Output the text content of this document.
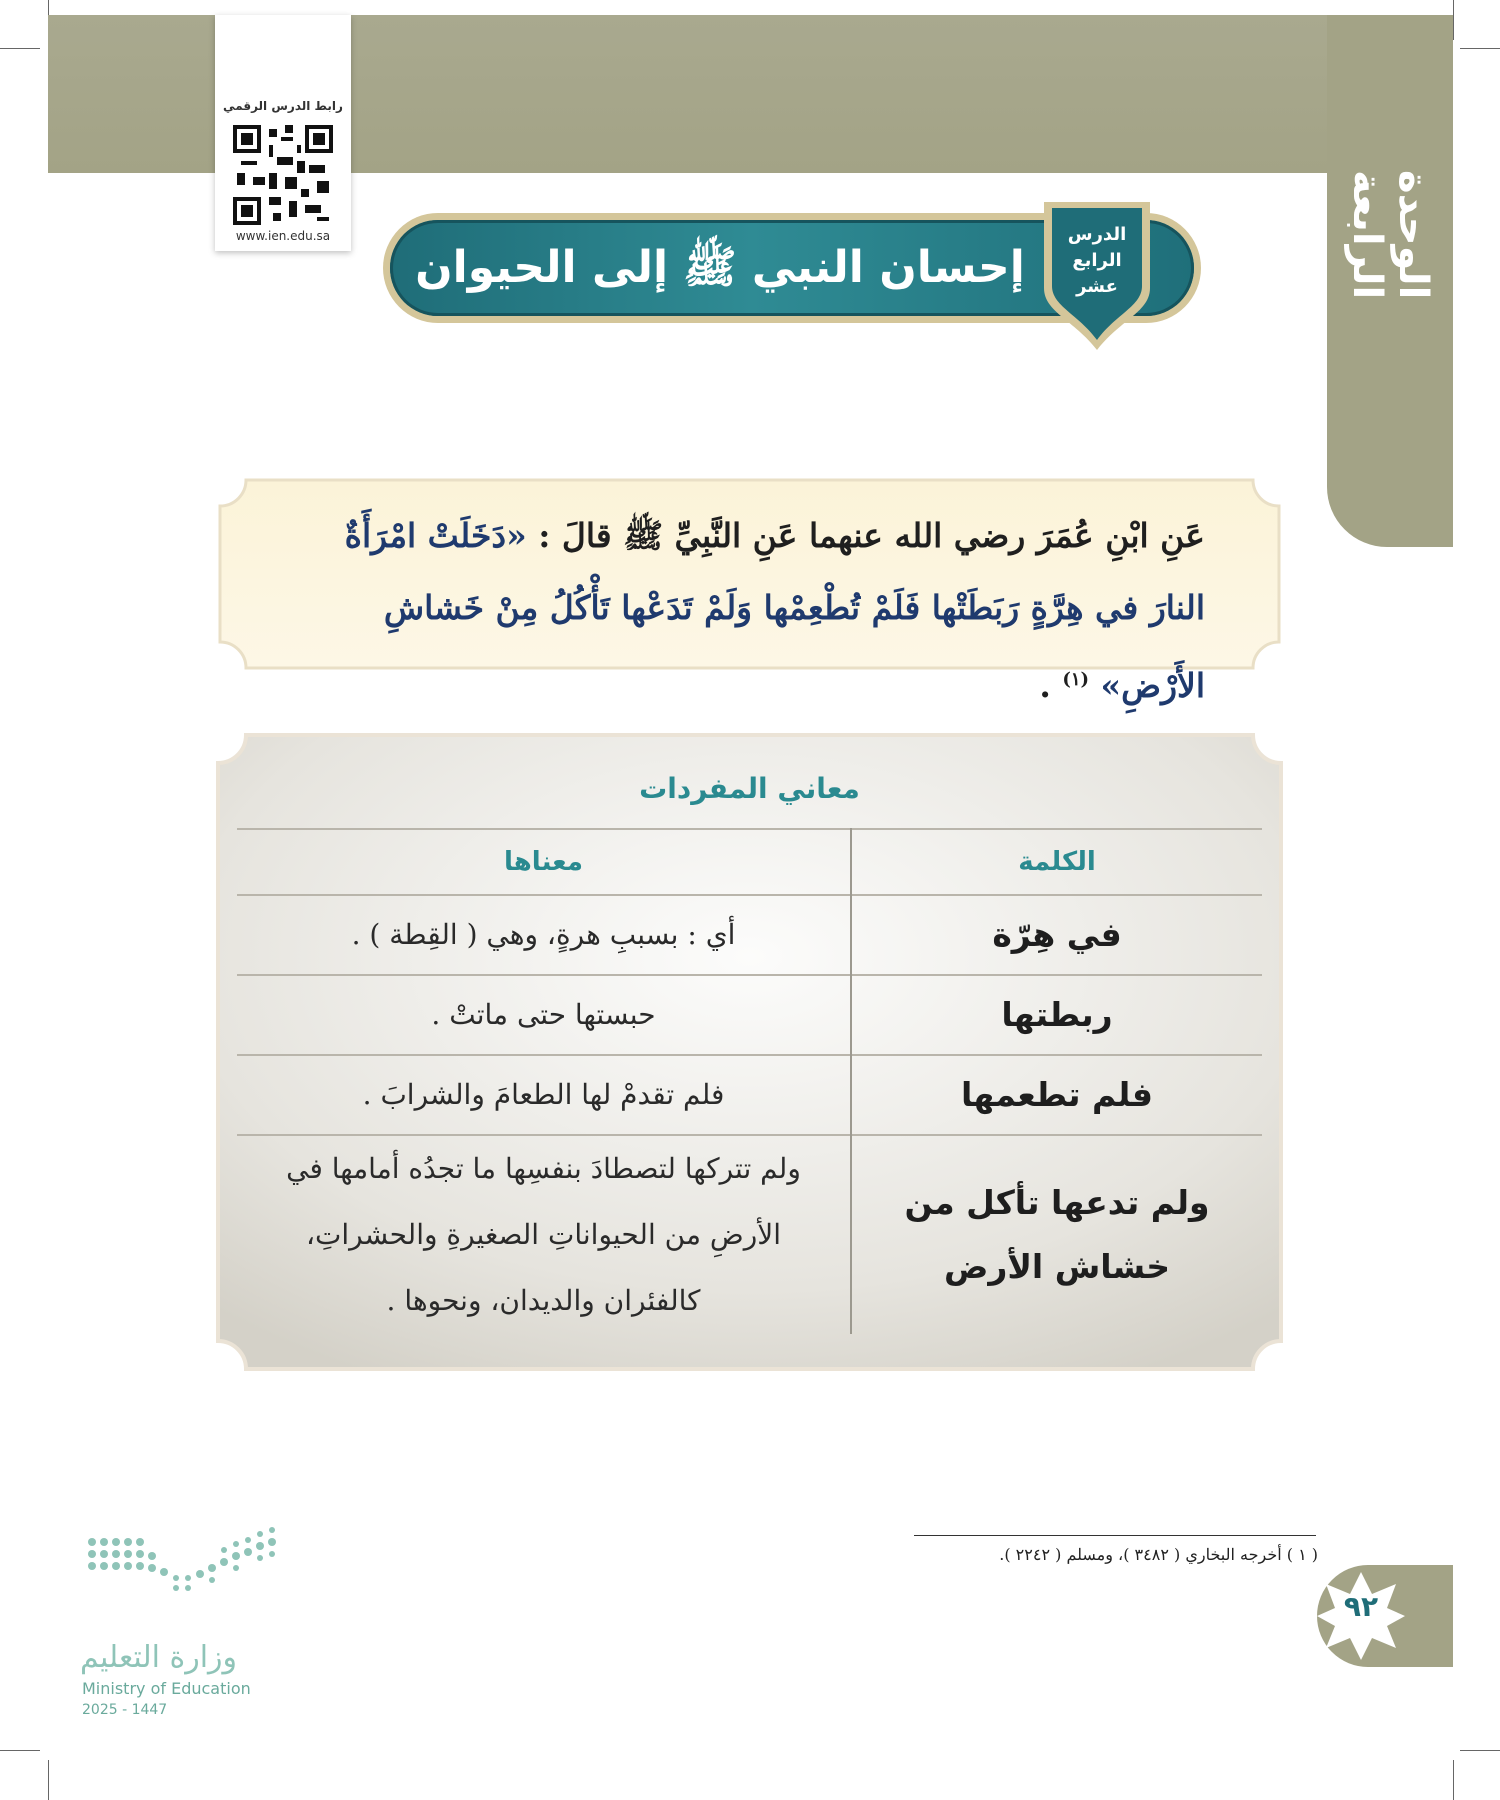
الوحدة الرابعة
رابط الدرس الرقمي
www.ien.edu.sa
إحسان النبي ﷺ إلى الحيوان
الدرس
الرابع
عشر
عَنِ ابْنِ عُمَرَ رضي الله عنهما عَنِ النَّبِيِّ ﷺ قالَ : «دَخَلَتْ امْرَأَةٌ النارَ في هِرَّةٍ رَبَطَتْها فَلَمْ تُطْعِمْها وَلَمْ تَدَعْها تَأْكُلُ مِنْ خَشاشِ الأَرْضِ» $^{(١)}$ .
معاني المفردات
الكلمة	معناها
في هِرّة	أي : بسببِ هرةٍ، وهي ( القِطة ) .
ربطتها	حبستها حتى ماتتْ .
فلم تطعمها	فلم تقدمْ لها الطعامَ والشرابَ .
ولم تدعها تأكل من خشاش الأرض	ولم تتركها لتصطادَ بنفسِها ما تجدُه أمامها في الأرضِ من الحيواناتِ الصغيرةِ والحشراتِ، كالفئران والديدان، ونحوها .
( ١ ) أخرجه البخاري ( ٣٤٨٢ )، ومسلم ( ٢٢٤٢ ).
٩٢
وزارة التعليم
Ministry of Education
2025 - 1447
